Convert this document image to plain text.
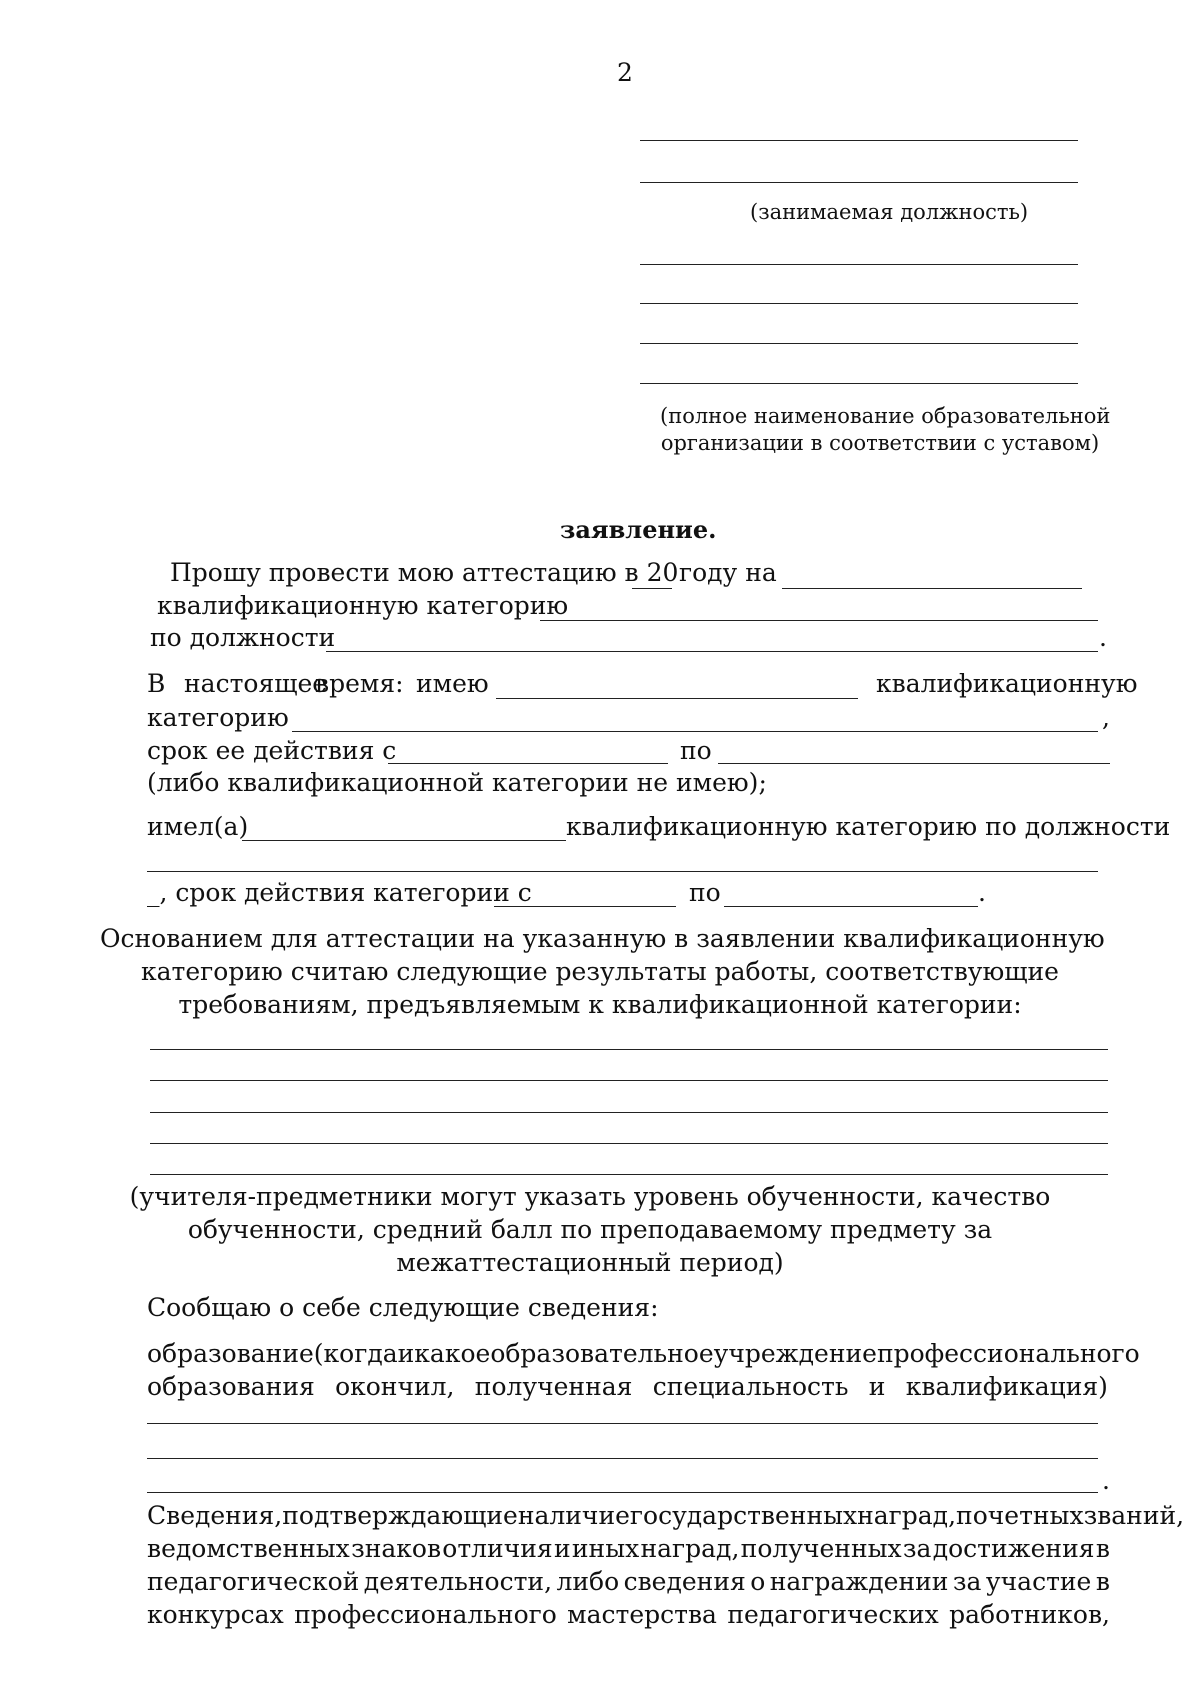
2
(занимаемая должность)
(полное наименование образовательной
организации в соответствии с уставом)
заявление.
Прошу провести мою аттестацию в 20 году на
квалификационную категорию
по должности	.
В настоящее
время: имею	квалификационную
категорию	,
срок ее действия с	по
(либо квалификационной категории не имею);
имел(а)	квалификационную категорию по должности
_, срок действия категории с	по	.
Основанием для аттестации на указанную в заявлении квалификационную
категорию считаю следующие результаты работы, соответствующие
требованиям, предъявляемым к квалификационной категории:
(учителя-предметники могут указать уровень обученности, качество
обученности, средний балл по преподаваемому предмету за
межаттестационный период)
Сообщаю о себе следующие сведения:
образование (когда и какое образовательное учреждение профессионального
образования окончил, полученная специальность и квалификация)
.
Сведения, подтверждающие наличие государственных наград, почетных званий,
ведомственных знаков отличия и иных наград, полученных за достижения в
педагогической деятельности, либо сведения о награждении за участие в
конкурсах профессионального мастерства педагогических работников,
